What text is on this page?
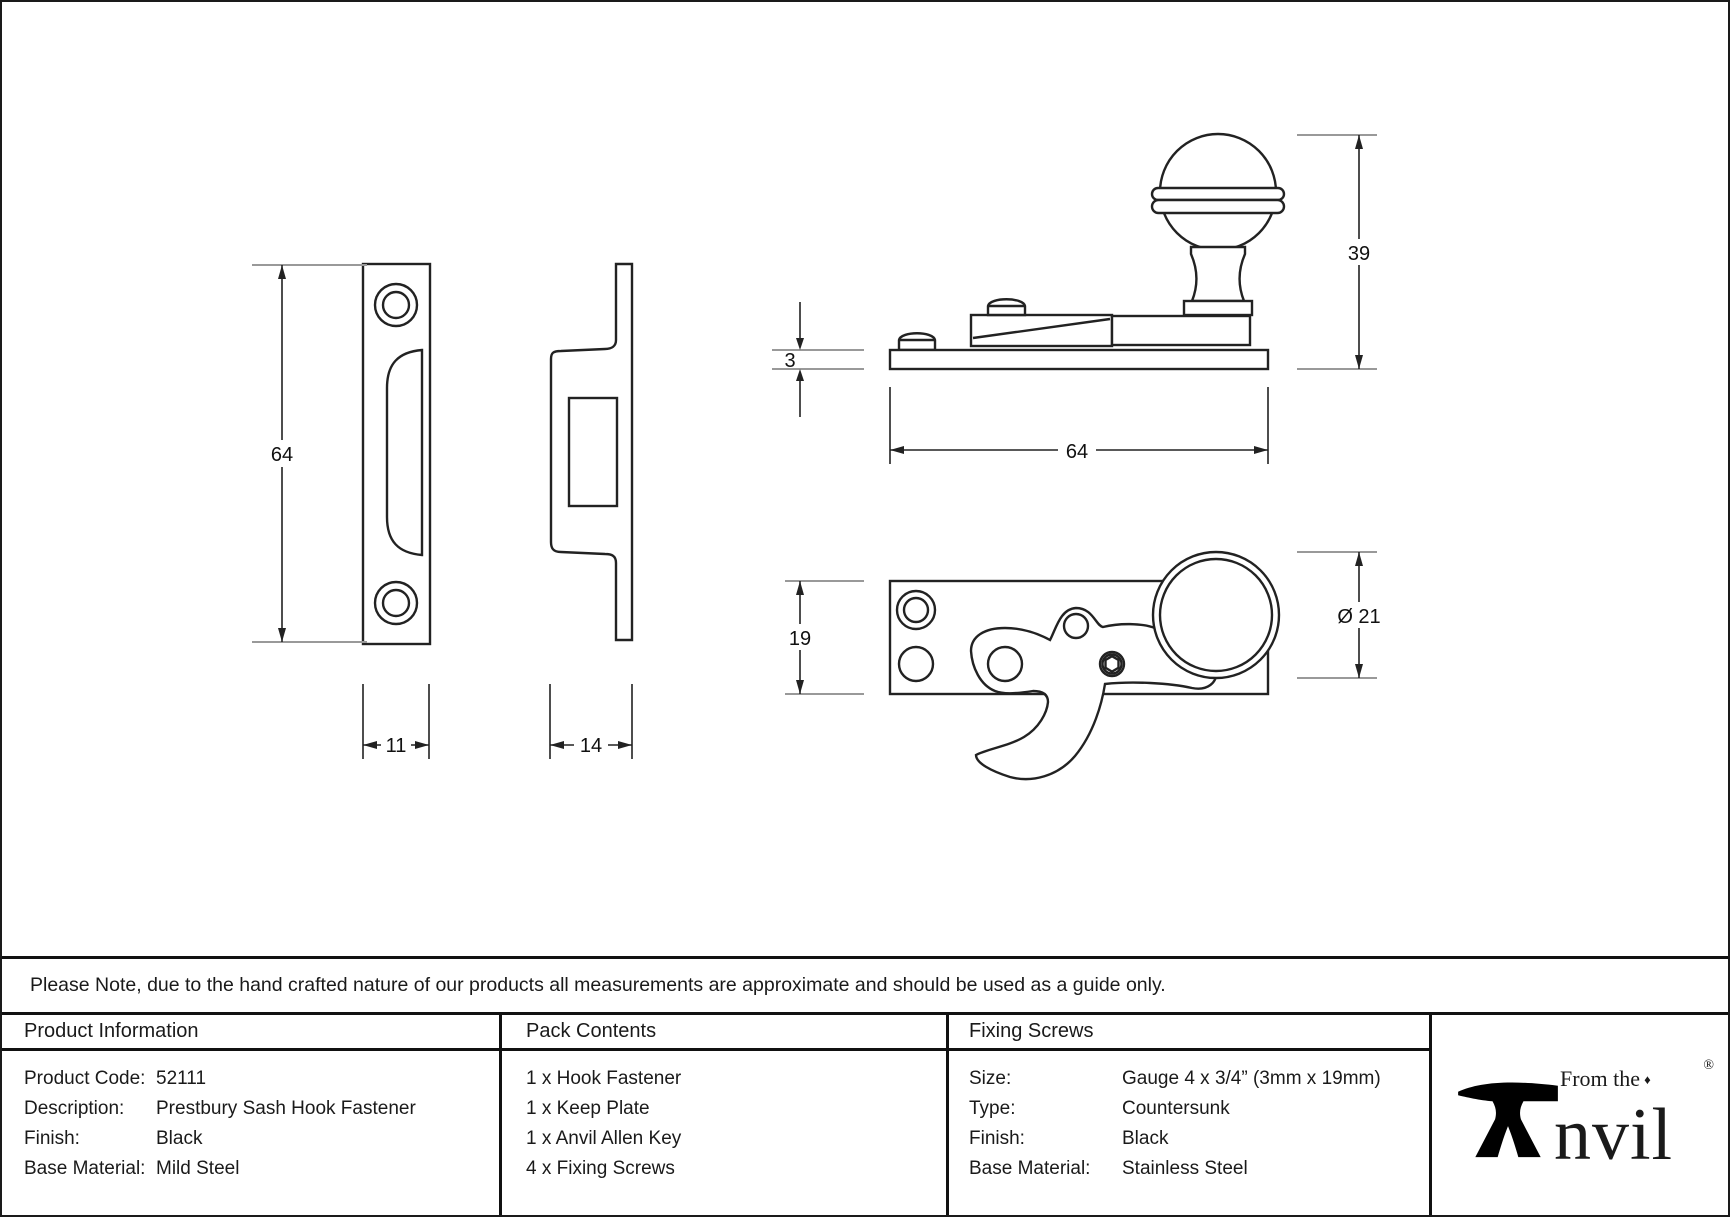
64
11	14
3
39
64
19
Ø 21
Please Note, due to the hand crafted nature of our products all measurements are approximate and should be used as a guide only.
Product Information
Product Code: 52111
Description:	Prestbury Sash Hook Fastener
Finish:	Black
Base Material: Mild Steel
Pack Contents
1 x Hook Fastener
1 x Keep Plate
1 x Anvil Allen Key
4 x Fixing Screws
Fixing Screws
Size:	Gauge 4 x 3/4” (3mm x 19mm)
Type:	Countersunk
Finish:	Black
Base Material:	Stainless Steel
From the ♦
®
nvil
